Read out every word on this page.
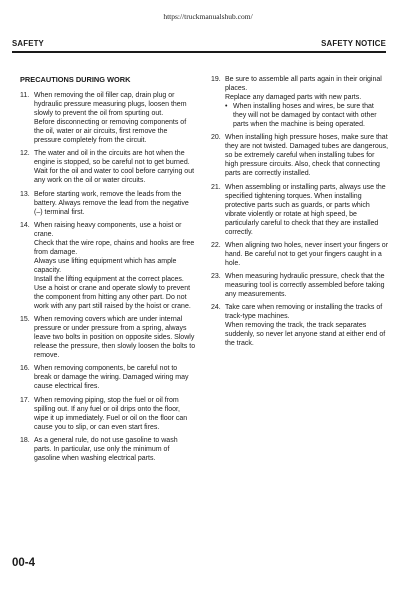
https://truckmanualshub.com/
SAFETY	SAFETY NOTICE
PRECAUTIONS DURING WORK
11. When removing the oil filler cap, drain plug or hydraulic pressure measuring plugs, loosen them slowly to prevent the oil from spurting out.

Before disconnecting or removing components of the oil, water or air circuits, first remove the pressure completely from the circuit.

12. The water and oil in the circuits are hot when the engine is stopped, so be careful not to get burned.

Wait for the oil and water to cool before carrying out any work on the oil or water circuits.

13. Before starting work, remove the leads from the battery. Always remove the lead from the negative (–) terminal first.

14. When raising heavy components, use a hoist or crane.

Check that the wire rope, chains and hooks are free from damage.

Always use lifting equipment which has ample capacity.

Install the lifting equipment at the correct places. Use a hoist or crane and operate slowly to prevent the component from hitting any other part. Do not work with any part still raised by the hoist or crane.

15. When removing covers which are under internal pressure or under pressure from a spring, always leave two bolts in position on opposite sides. Slowly release the pressure, then slowly loosen the bolts to remove.

16. When removing components, be careful not to break or damage the wiring. Damaged wiring may cause electrical fires.

17. When removing piping, stop the fuel or oil from spilling out. If any fuel or oil drips onto the floor, wipe it up immediately. Fuel or oil on the floor can cause you to slip, or can even start fires.

18. As a general rule, do not use gasoline to wash parts. In particular, use only the minimum of gasoline when washing electrical parts.

19. Be sure to assemble all parts again in their original places.

Replace any damaged parts with new parts.

• When installing hoses and wires, be sure that they will not be damaged by contact with other parts when the machine is being operated.
20. When installing high pressure hoses, make sure that they are not twisted. Damaged tubes are dangerous, so be extremely careful when installing tubes for high pressure circuits. Also, check that connecting parts are correctly installed.

21. When assembling or installing parts, always use the specified tightening torques. When installing protective parts such as guards, or parts which vibrate violently or rotate at high speed, be particularly careful to check that they are installed correctly.

22. When aligning two holes, never insert your fingers or hand. Be careful not to get your fingers caught in a hole.

23. When measuring hydraulic pressure, check that the measuring tool is correctly assembled before taking any measurements.

24. Take care when removing or installing the tracks of track-type machines.

When removing the track, the track separates suddenly, so never let anyone stand at either end of the track.

00-4
